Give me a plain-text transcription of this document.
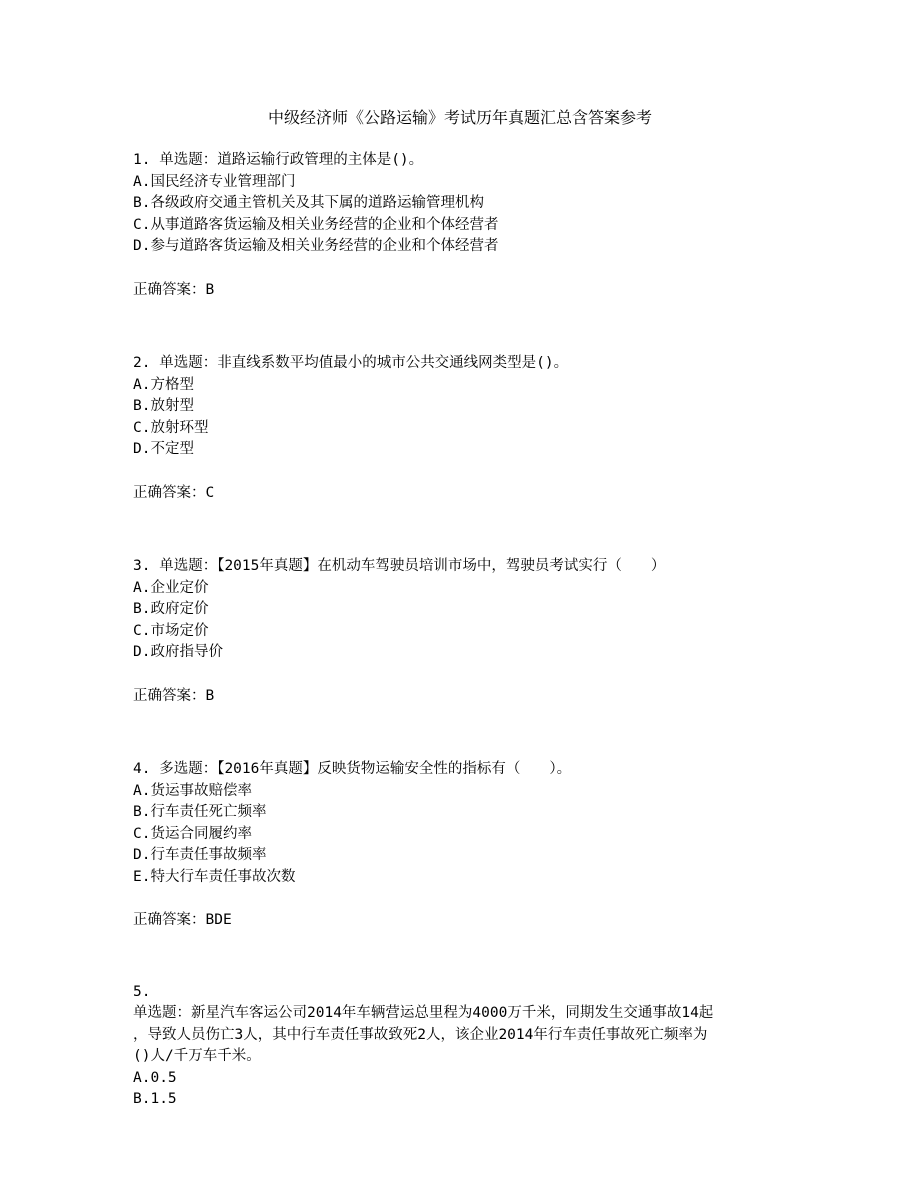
中级经济师《公路运输》考试历年真题汇总含答案参考
1. 单选题：道路运输行政管理的主体是()。
A.国民经济专业管理部门
B.各级政府交通主管机关及其下属的道路运输管理机构
C.从事道路客货运输及相关业务经营的企业和个体经营者
D.参与道路客货运输及相关业务经营的企业和个体经营者
正确答案：B
2. 单选题：非直线系数平均值最小的城市公共交通线网类型是()。
A.方格型
B.放射型
C.放射环型
D.不定型
正确答案：C
3. 单选题：【2015年真题】在机动车驾驶员培训市场中，驾驶员考试实行（　　）
A.企业定价
B.政府定价
C.市场定价
D.政府指导价
正确答案：B
4. 多选题：【2016年真题】反映货物运输安全性的指标有（　　）。
A.货运事故赔偿率
B.行车责任死亡频率
C.货运合同履约率
D.行车责任事故频率
E.特大行车责任事故次数
正确答案：BDE
5.
单选题：新星汽车客运公司2014年车辆营运总里程为4000万千米，同期发生交通事故14起
，导致人员伤亡3人，其中行车责任事故致死2人，该企业2014年行车责任事故死亡频率为
()人/千万车千米。
A.0.5
B.1.5
